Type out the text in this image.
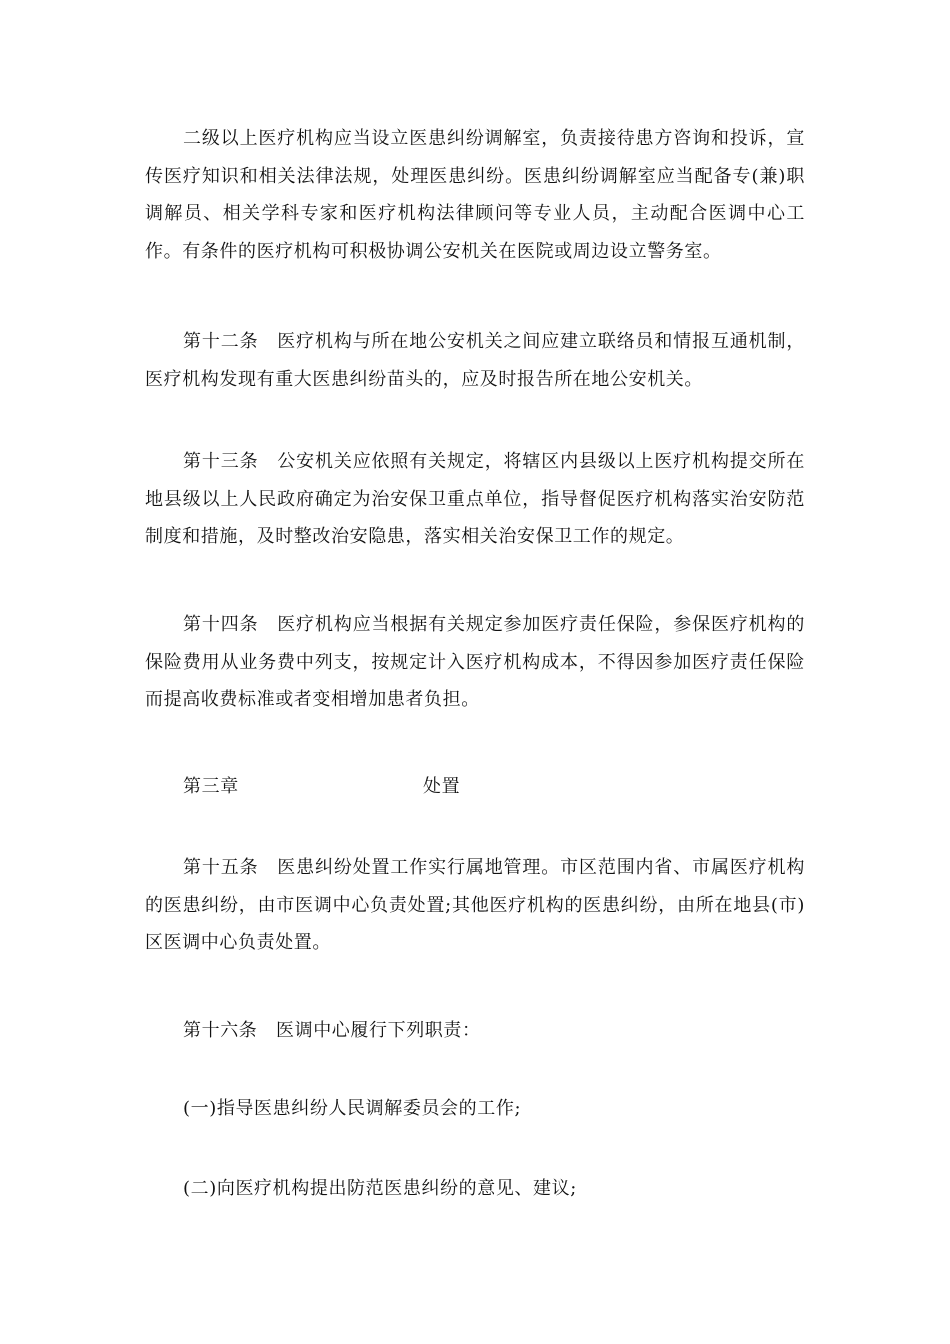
二级以上医疗机构应当设立医患纠纷调解室，负责接待患方咨询和投诉，宣传医疗知识和相关法律法规，处理医患纠纷。医患纠纷调解室应当配备专(兼)职调解员、相关学科专家和医疗机构法律顾问等专业人员，主动配合医调中心工作。有条件的医疗机构可积极协调公安机关在医院或周边设立警务室。

第十二条　医疗机构与所在地公安机关之间应建立联络员和情报互通机制，医疗机构发现有重大医患纠纷苗头的，应及时报告所在地公安机关。

第十三条　公安机关应依照有关规定，将辖区内县级以上医疗机构提交所在地县级以上人民政府确定为治安保卫重点单位，指导督促医疗机构落实治安防范制度和措施，及时整改治安隐患，落实相关治安保卫工作的规定。

第十四条　医疗机构应当根据有关规定参加医疗责任保险，参保医疗机构的保险费用从业务费中列支，按规定计入医疗机构成本，不得因参加医疗责任保险而提高收费标准或者变相增加患者负担。

第三章	处置

第十五条　医患纠纷处置工作实行属地管理。市区范围内省、市属医疗机构的医患纠纷，由市医调中心负责处置;其他医疗机构的医患纠纷，由所在地县(市)区医调中心负责处置。

第十六条　医调中心履行下列职责：

(一)指导医患纠纷人民调解委员会的工作;

(二)向医疗机构提出防范医患纠纷的意见、建议;
